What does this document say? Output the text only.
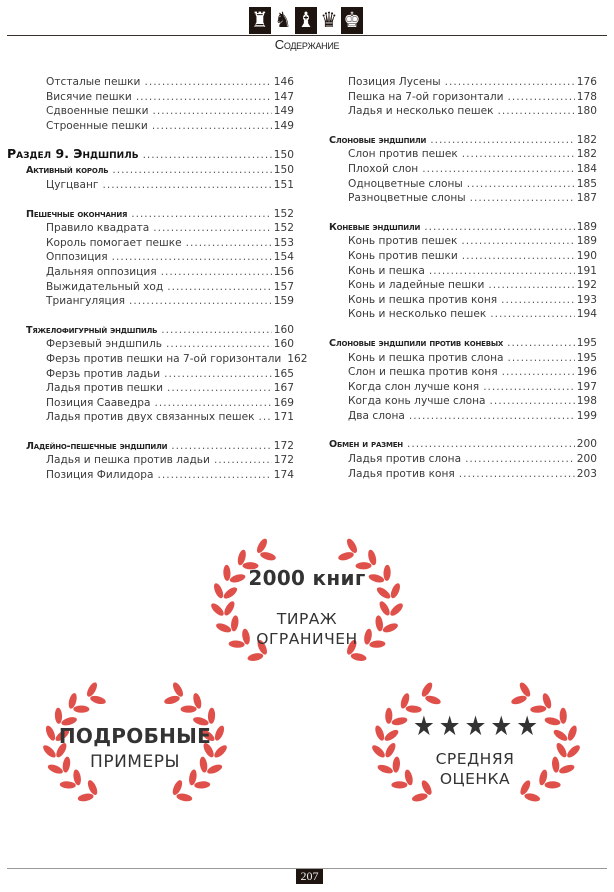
♜ ♞ ♝ ♛ ♚
Содержание
Отсталые пешки .....	146
Висячие пешки .....	147
Сдвоенные пешки .....	149
Строенные пешки .....	149
Раздел 9. Эндшпиль .....	150
Активный король .....	150
Цугцванг .....	151
Пешечные окончания .....	152
Правило квадрата .....	152
Король помогает пешке .....	153
Оппозиция .....	154
Дальняя оппозиция .....	156
Выжидательный ход .....	157
Триангуляция .....	159
Тяжелофигурный эндшпиль .....	160
Ферзевый эндшпиль .....	160
Ферзь против пешки на 7-ой горизонтали 162
Ферзь против ладьи .....	165
Ладья против пешки .....	167
Позиция Сааведра .....	169
Ладья против двух связанных пешек ..... 171
Ладейно-пешечные эндшпили .....	172
Ладья и пешка против ладьи .....	172
Позиция Филидора .....	174
Позиция Лусены .....	176
Пешка на 7-ой горизонтали .....	178
Ладья и несколько пешек .....	180
Слоновые эндшпили .....	182
Слон против пешек .....	182
Плохой слон .....	184
Одноцветные слоны .....	185
Разноцветные слоны .....	187
Коневые эндшпили .....	189
Конь против пешек .....	189
Конь против пешки .....	190
Конь и пешка .....	191
Конь и ладейные пешки .....	192
Конь и пешка против коня .....	193
Конь и несколько пешек .....	194
Слоновые эндшпили против коневых .....	195
Конь и пешка против слона .....	195
Слон и пешка против коня .....	196
Когда слон лучше коня .....	197
Когда конь лучше слона .....	198
Два слона .....	199
Обмен и размен .....	200
Ладья против слона .....	200
Ладья против коня .....	203
2000 книг
ТИРАЖ
ОГРАНИЧЕН
ПОДРОБНЫЕ
ПРИМЕРЫ
★ ★ ★ ★ ★
СРЕДНЯЯ
ОЦЕНКА
207
